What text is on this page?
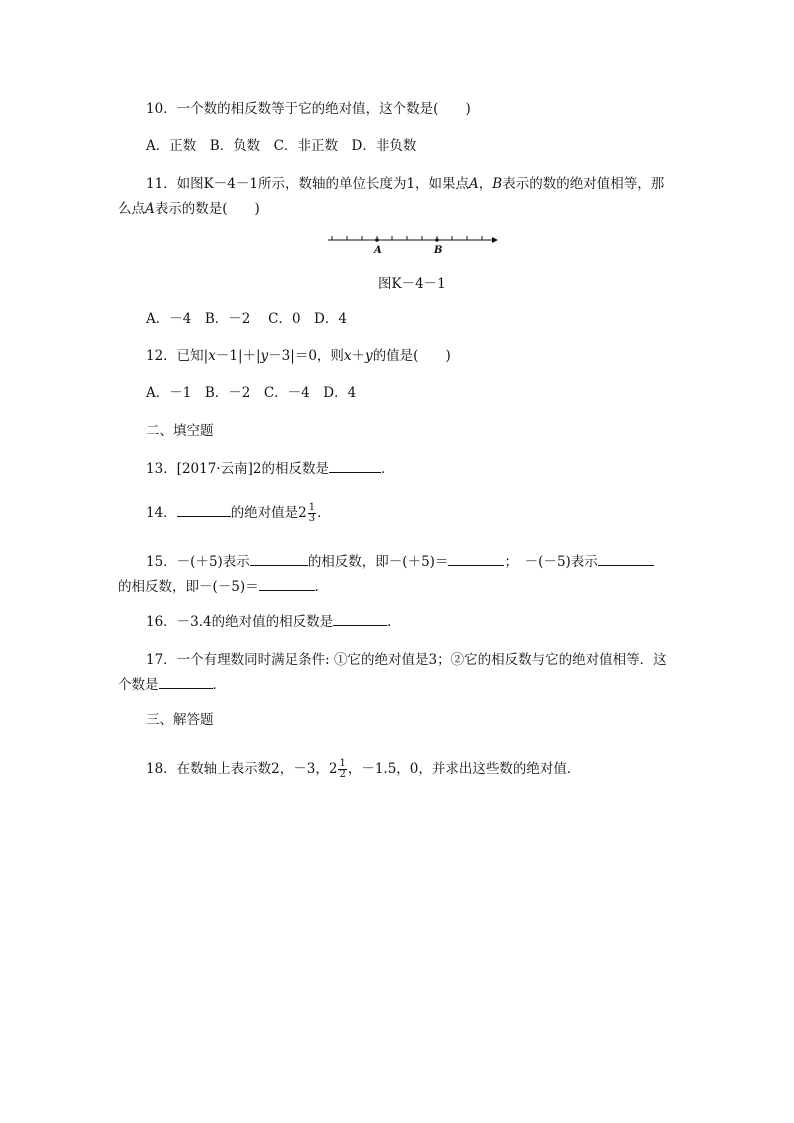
10．一个数的相反数等于它的绝对值，这个数是(　　)
A．正数　B．负数　C．非正数　D．非负数
11．如图K－4－1所示，数轴的单位长度为1，如果点A，B表示的数的绝对值相等，那
么点A表示的数是(　　)
A	B
图K－4－1
A．－4　B．－2　 C．0　D．4
12．已知|x－1|＋|y－3|＝0，则x＋y的值是(　　)
A．－1　B．－2　C．－4　D．4
二、填空题
13．[2017·云南]2的相反数是	．
14．	的绝对值是$2 \frac{1}{3}$ ．
15．－(＋5)表示	的相反数，即－(＋5)＝	；　－(－5)表示
的相反数，即－(－5)＝	．
16．－3.4的绝对值的相反数是	．
17．一个有理数同时满足条件: ①它的绝对值是3；②它的相反数与它的绝对值相等．这
个数是	．
三、解答题
18．在数轴上表示数2，－3，$2 \frac{1}{2}$ ，－1.5，0，并求出这些数的绝对值．
